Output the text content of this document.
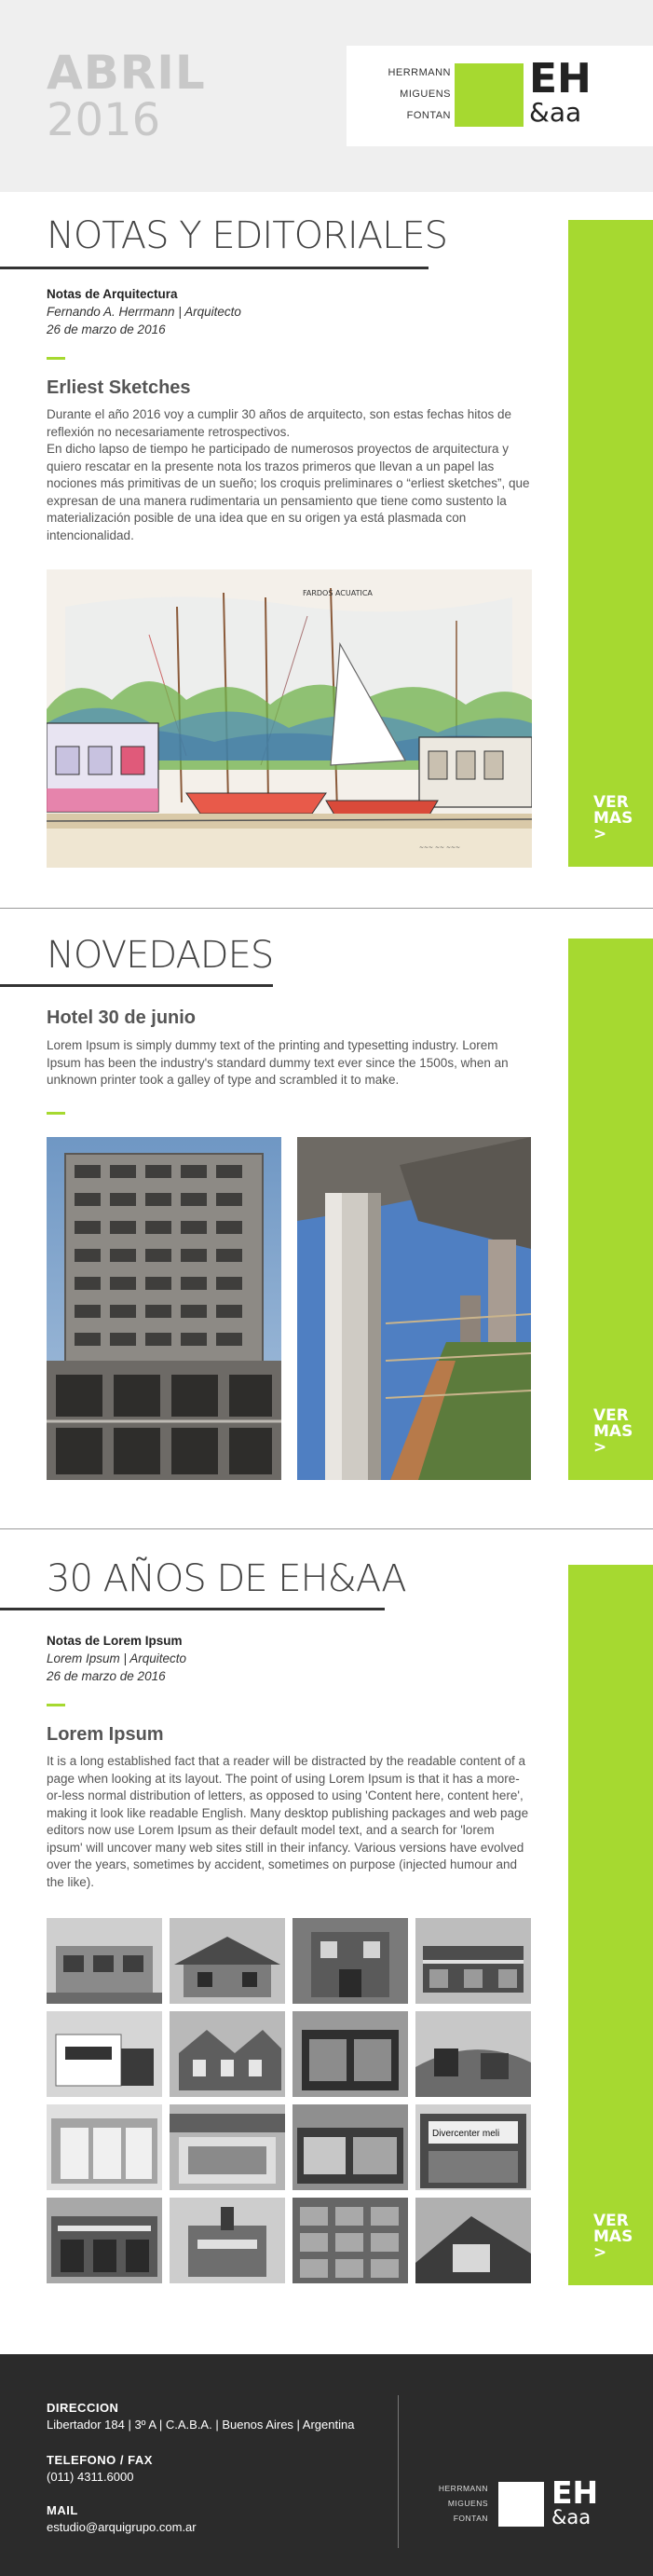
ABRIL
2016
HERRMANN
MIGUENS
FONTAN
EH
&aa
NOTAS Y EDITORIALES
Notas de Arquitectura
Fernando A. Herrmann | Arquitecto
26 de marzo de 2016
Erliest Sketches

Durante el año 2016 voy a cumplir 30 años de arquitecto, son estas fechas hitos de reflexión no necesariamente retrospectivos.

En dicho lapso de tiempo he participado de numerosos proyectos de arquitectura y quiero rescatar en la presente nota los trazos primeros que llevan a un papel las nociones más primitivas de un sueño; los croquis preliminares o “erliest sketches”, que expresan de una manera rudimentaria un pensamiento que tiene como sustento la materialización posible de una idea que en su origen ya está plasmada con intencionalidad.

VER
MAS
>
FARDOS ACUATICA
~~~ ~~ ~~~
NOVEDADES
Hotel 30 de junio

Lorem Ipsum is simply dummy text of the printing and typesetting industry. Lorem Ipsum has been the industry's standard dummy text ever since the 1500s, when an unknown printer took a galley of type and scrambled it to make.

VER
MAS
>
30 AÑOS DE EH&AA
Notas de Lorem Ipsum
Lorem Ipsum | Arquitecto
26 de marzo de 2016
Lorem Ipsum

It is a long established fact that a reader will be distracted by the readable content of a page when looking at its layout. The point of using Lorem Ipsum is that it has a more-or-less normal distribution of letters, as opposed to using 'Content here, content here', making it look like readable English. Many desktop publishing packages and web page editors now use Lorem Ipsum as their default model text, and a search for 'lorem ipsum' will uncover many web sites still in their infancy. Various versions have evolved over the years, sometimes by accident, sometimes on purpose (injected humour and the like).

VER
MAS
>
Divercenter meli
DIRECCION
Libertador 184 | 3º A | C.A.B.A. | Buenos Aires | Argentina
TELEFONO / FAX
(011) 4311.6000
MAIL
estudio@arquigrupo.com.ar
HERRMANN
MIGUENS
FONTAN
EH
&aa
